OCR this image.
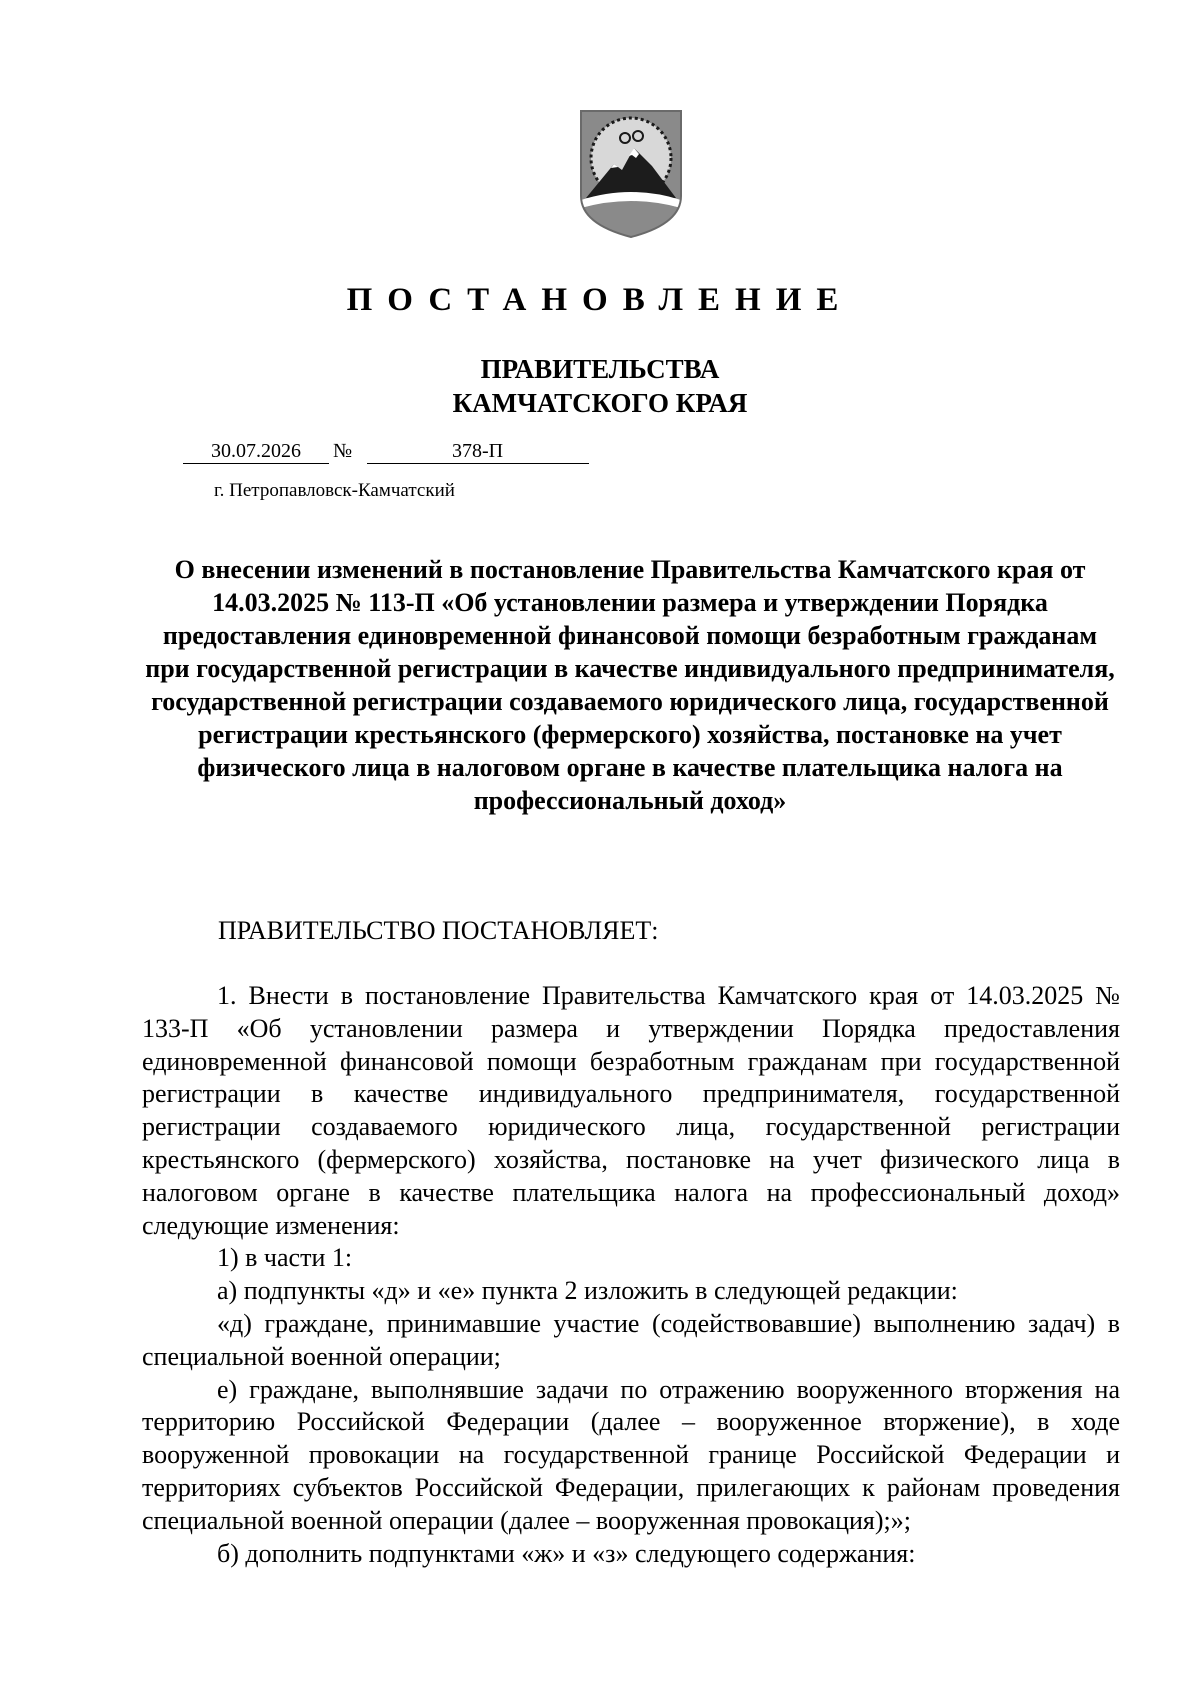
ПОСТАНОВЛЕНИЕ
ПРАВИТЕЛЬСТВА
КАМЧАТСКОГО КРАЯ
30.07.2026	№	378-П
г. Петропавловск-Камчатский
О внесении изменений в постановление Правительства Камчатского края от 14.03.2025 № 113-П «Об установлении размера и утверждении Порядка предоставления единовременной финансовой помощи безработным гражданам при государственной регистрации в качестве индивидуального предпринимателя, государственной регистрации создаваемого юридического лица, государственной регистрации крестьянского (фермерского) хозяйства, постановке на учет физического лица в налоговом органе в качестве плательщика налога на профессиональный доход»
ПРАВИТЕЛЬСТВО ПОСТАНОВЛЯЕТ:

1. Внести в постановление Правительства Камчатского края от 14.03.2025 № 133-П «Об установлении размера и утверждении Порядка предоставления единовременной финансовой помощи безработным гражданам при государственной регистрации в качестве индивидуального предпринимателя, государственной регистрации создаваемого юридического лица, государственной регистрации крестьянского (фермерского) хозяйства, постановке на учет физического лица в налоговом органе в качестве плательщика налога на профессиональный доход» следующие изменения:

1) в части 1:

а) подпункты «д» и «е» пункта 2 изложить в следующей редакции:

«д) граждане, принимавшие участие (содействовавшие) выполнению задач) в специальной военной операции;

е) граждане, выполнявшие задачи по отражению вооруженного вторжения на территорию Российской Федерации (далее – вооруженное вторжение), в ходе вооруженной провокации на государственной границе Российской Федерации и территориях субъектов Российской Федерации, прилегающих к районам проведения специальной военной операции (далее – вооруженная провокация);»;

б) дополнить подпунктами «ж» и «з» следующего содержания:
